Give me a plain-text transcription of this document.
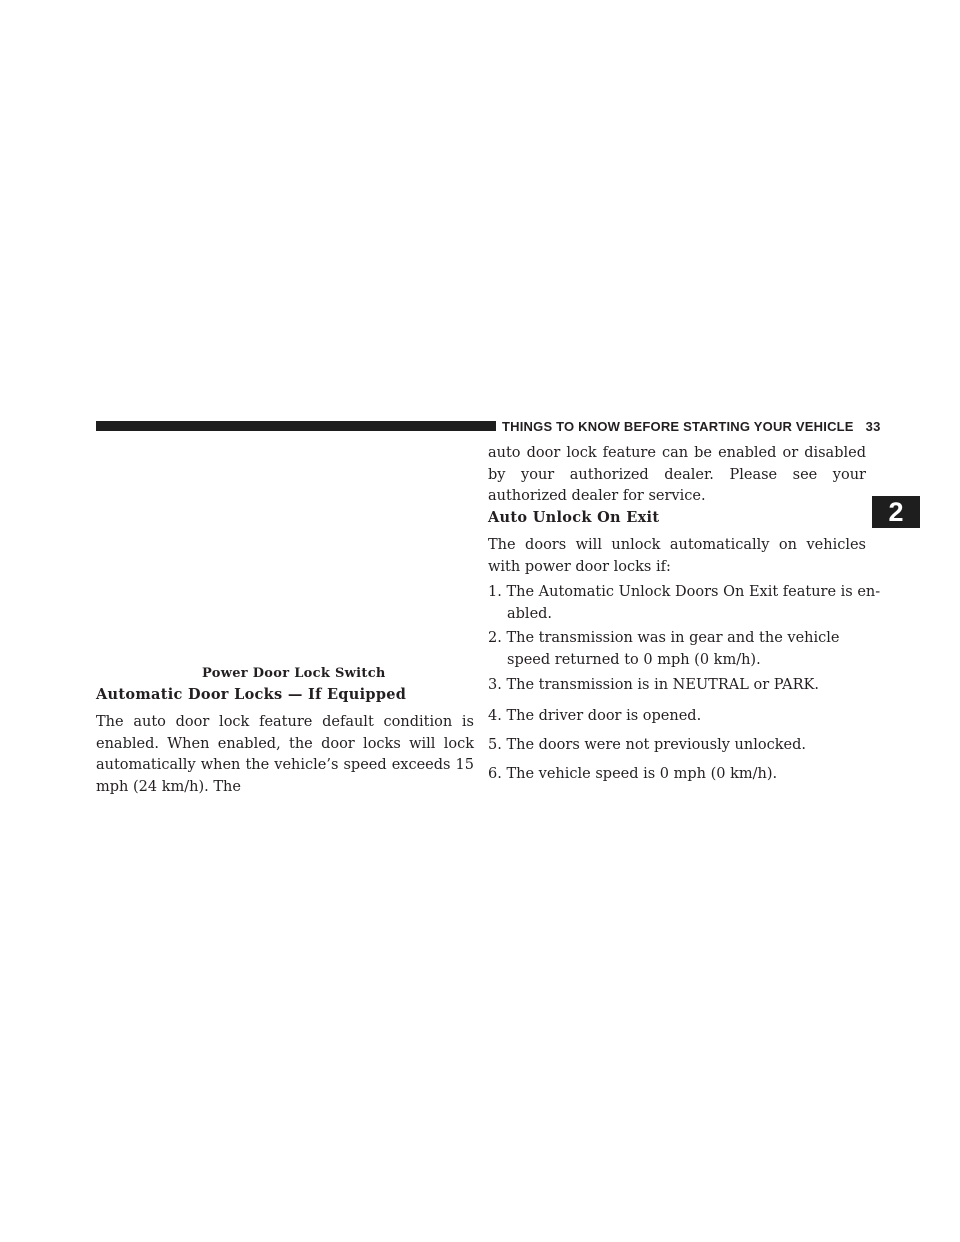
THINGS TO KNOW BEFORE STARTING YOUR VEHICLE 33
2
Power Door Lock Switch
Automatic Door Locks — If Equipped
The auto door lock feature default condition is enabled. When enabled, the door locks will lock automatically when the vehicle’s speed exceeds 15 mph (24 km/h). The
auto door lock feature can be enabled or disabled by your authorized dealer. Please see your authorized dealer for service.
Auto Unlock On Exit
The doors will unlock automatically on vehicles with power door locks if:
1. The Automatic Unlock Doors On Exit feature is en-abled.
2. The transmission was in gear and the vehicle speed returned to 0 mph (0 km/h).
3. The transmission is in NEUTRAL or PARK.
4. The driver door is opened.
5. The doors were not previously unlocked.
6. The vehicle speed is 0 mph (0 km/h).
